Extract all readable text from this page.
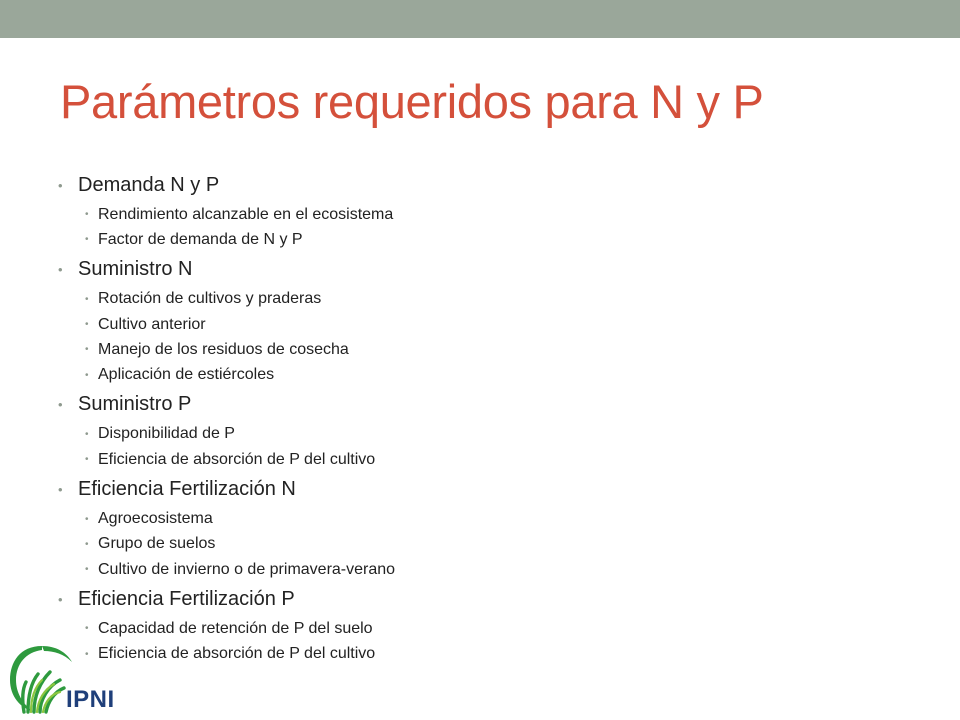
Parámetros requeridos para N y P
• Demanda N y P
• Rendimiento alcanzable en el ecosistema
• Factor de demanda de N y P
• Suministro N
• Rotación de cultivos y praderas
• Cultivo anterior
• Manejo de los residuos de cosecha
• Aplicación de estiércoles
• Suministro P
• Disponibilidad de P
• Eficiencia de absorción de P del cultivo
• Eficiencia Fertilización N
• Agroecosistema
• Grupo de suelos
• Cultivo de invierno o de primavera-verano
• Eficiencia Fertilización P
• Capacidad de retención de P del suelo
• Eficiencia de absorción de P del cultivo
IPNI
